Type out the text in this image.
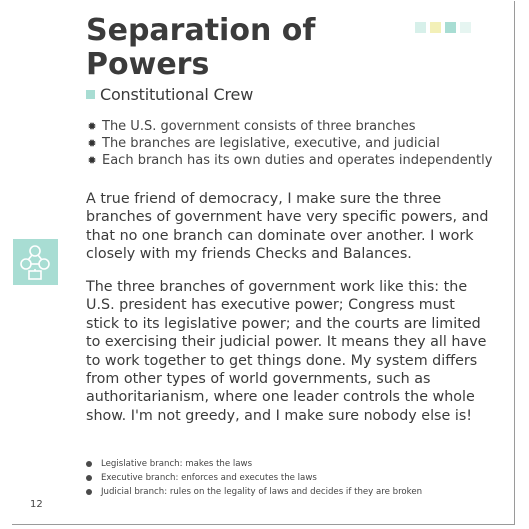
Separation of Powers
Constitutional Crew
✹ The U.S. government consists of three branches
✹ The branches are legislative, executive, and judicial
✹ Each branch has its own duties and operates independently

A true friend of democracy, I make sure the three branches of government have very specific powers, and that no one branch can dominate over another. I work closely with my friends Checks and Balances.

The three branches of government work like this: the U.S. president has executive power; Congress must stick to its legislative power; and the courts are limited to exercising their judicial power. It means they all have to work together to get things done. My system differs from other types of world governments, such as authoritarianism, where one leader controls the whole show. I'm not greedy, and I make sure nobody else is!

Legislative branch: makes the laws
Executive branch: enforces and executes the laws
Judicial branch: rules on the legality of laws and decides if they are broken
12
